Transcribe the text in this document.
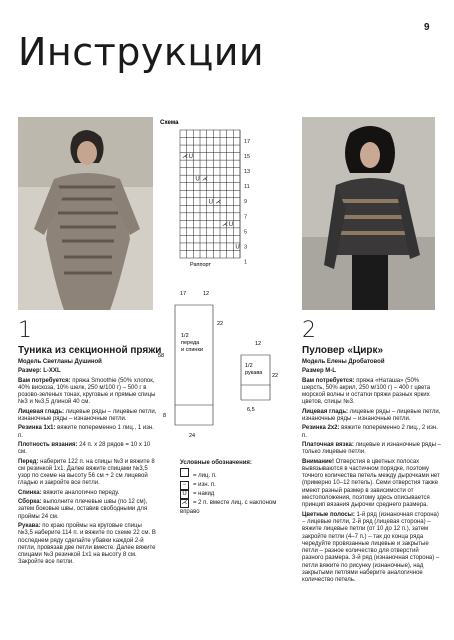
9
Инструкции
Схема
⋌ U
U ⋌
U ⋌
⋌ U
U
17
15
13
11
9
7
5
3
1
Раппорт
17	12
58
22
24
8
22
6,5
12
1/2
переда
и спинки
1/2
рукава
Условные обозначения:
= лиц. п.
− = изн. п.
U = накид
⋌ = 2 п. вместе лиц. с наклоном вправо
1
Туника из секционной пряжи

Модель Светланы Душиной

Размер: L-XXL

Вам потребуется: пряжа Smoothie (50% хлопок, 40% вискоза, 10% шелк, 250 м/100 г) – 500 г в розово-зеленых тонах, круговые и прямые спицы №3 и №3,5 длиной 40 см.

Лицевая гладь: лицевые ряды – лицевые петли, изнаночные ряды – изнаночные петли.

Резинка 1х1: вяжите попеременно 1 лиц., 1 изн. п.

Плотность вязания: 24 п. х 28 рядов = 10 х 10 см.

Перед: наберите 122 п. на спицы №3 и вяжите 8 см резинкой 1х1. Далее вяжите спицами №3,5 узор по схеме на высоту 56 см + 2 см лицевой гладью и закройте все петли.

Спинка: вяжите аналогично переду.

Сборка: выполните плечевые швы (по 12 см), затем боковые швы, оставив свободными для проймы 24 см.

Рукава: по краю проймы на круговые спицы №3,5 наберите 114 п. и вяжите по схеме 22 см. В последнем ряду сделайте убавки каждой 2-й петли, провязав две петли вместе. Далее вяжите спицами №3 резинкой 1х1 на высоту 8 см. Закройте все петли.

2
Пуловер «Цирк»

Модель Елены Дробатовой

Размер M-L

Вам потребуется: пряжа «Наташа» (50% шерсть, 50% акрил, 250 м/100 г) – 400 г цвета морской волны и остатки пряжи разных ярких цветов, спицы №3.

Лицевая гладь: лицевые ряды – лицевые петли, изнаночные ряды – изнаночные петли.

Резинка 2х2: вяжите попеременно 2 лиц., 2 изн. п.

Платочная вязка: лицевые и изнаночные ряды – только лицевые петли.

Внимание! Отверстия в цветных полосах вывязываются в частичном порядке, поэтому точного количества петель между дырочками нет (примерно 10–12 петель). Семи отверстия также имеют разный размер в зависимости от местоположения, поэтому здесь описывается принцип вязания дырочки среднего размера.

Цветные полосы: 1-й ряд (изнаночная сторона) – лицевые петли, 2-й ряд (лицевая сторона) – вяжите лицевые петли (от 10 до 12 п.), затем закройте петли (4–7 п.) – так до конца ряда чередуйте провязанные лицевые и закрытые петли – разное количество для отверстий разного размера. 3-й ряд (изнаночная сторона) – петли вяжите по рисунку (изнаночные), над закрытыми петлями наберите аналогичное количество петель.
